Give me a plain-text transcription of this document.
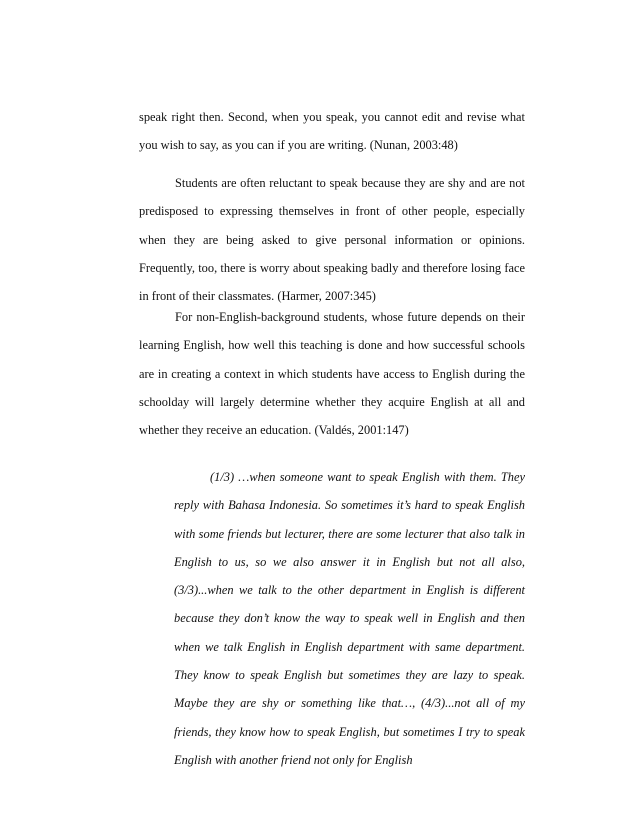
speak right then. Second, when you speak, you cannot edit and revise what you wish to say, as you can if you are writing. (Nunan, 2003:48)

Students are often reluctant to speak because they are shy and are not predisposed to expressing themselves in front of other people, especially when they are being asked to give personal information or opinions. Frequently, too, there is worry about speaking badly and therefore losing face in front of their classmates. (Harmer, 2007:345)

For non-English-background students, whose future depends on their learning English, how well this teaching is done and how successful schools are in creating a context in which students have access to English during the schoolday will largely determine whether they acquire English at all and whether they receive an education. (Valdés, 2001:147)

(1/3) …when someone want to speak English with them. They reply with Bahasa Indonesia. So sometimes it’s hard to speak English with some friends but lecturer, there are some lecturer that also talk in English to us, so we also answer it in English but not all also, (3/3)...when we talk to the other department in English is different because they don’t know the way to speak well in English and then when we talk English in English department with same department. They know to speak English but sometimes they are lazy to speak. Maybe they are shy or something like that…, (4/3)...not all of my friends, they know how to speak English, but sometimes I try to speak English with another friend not only for English
